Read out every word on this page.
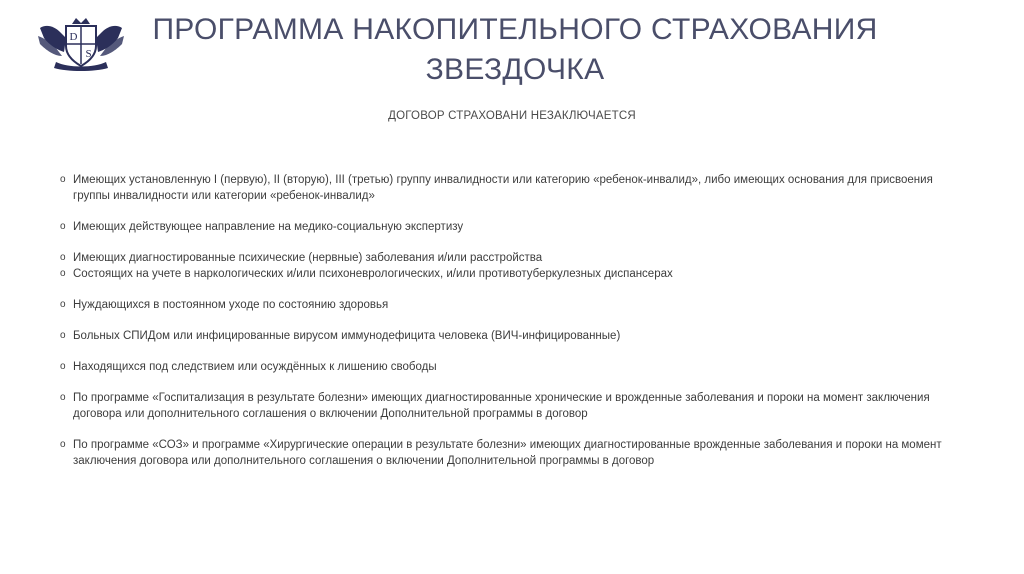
D
S
ПРОГРАММА НАКОПИТЕЛЬНОГО СТРАХОВАНИЯ
ЗВЕЗДОЧКА
ДОГОВОР СТРАХОВАНИ НЕЗАКЛЮЧАЕТСЯ
o Имеющих установленную I (первую), II (вторую), III (третью) группу инвалидности или категорию «ребенок-инвалид», либо имеющих основания для присвоения группы инвалидности или категории «ребенок-инвалид»
o Имеющих действующее направление на медико-социальную экспертизу
o Имеющих диагностированные психические (нервные) заболевания и/или расстройства
o Состоящих на учете в наркологических и/или психоневрологических, и/или противотуберкулезных диспансерах
o Нуждающихся в постоянном уходе по состоянию здоровья
o Больных СПИДом или инфицированные вирусом иммунодефицита человека (ВИЧ-инфицированные)
o Находящихся под следствием или осуждённых к лишению свободы
o По программе «Госпитализация в результате болезни» имеющих диагностированные хронические и врожденные заболевания и пороки на момент заключения договора или дополнительного соглашения о включении Дополнительной программы в договор
o По программе «СОЗ» и программе «Хирургические операции в результате болезни» имеющих диагностированные врожденные заболевания и пороки на момент заключения договора или дополнительного соглашения о включении Дополнительной программы в договор
